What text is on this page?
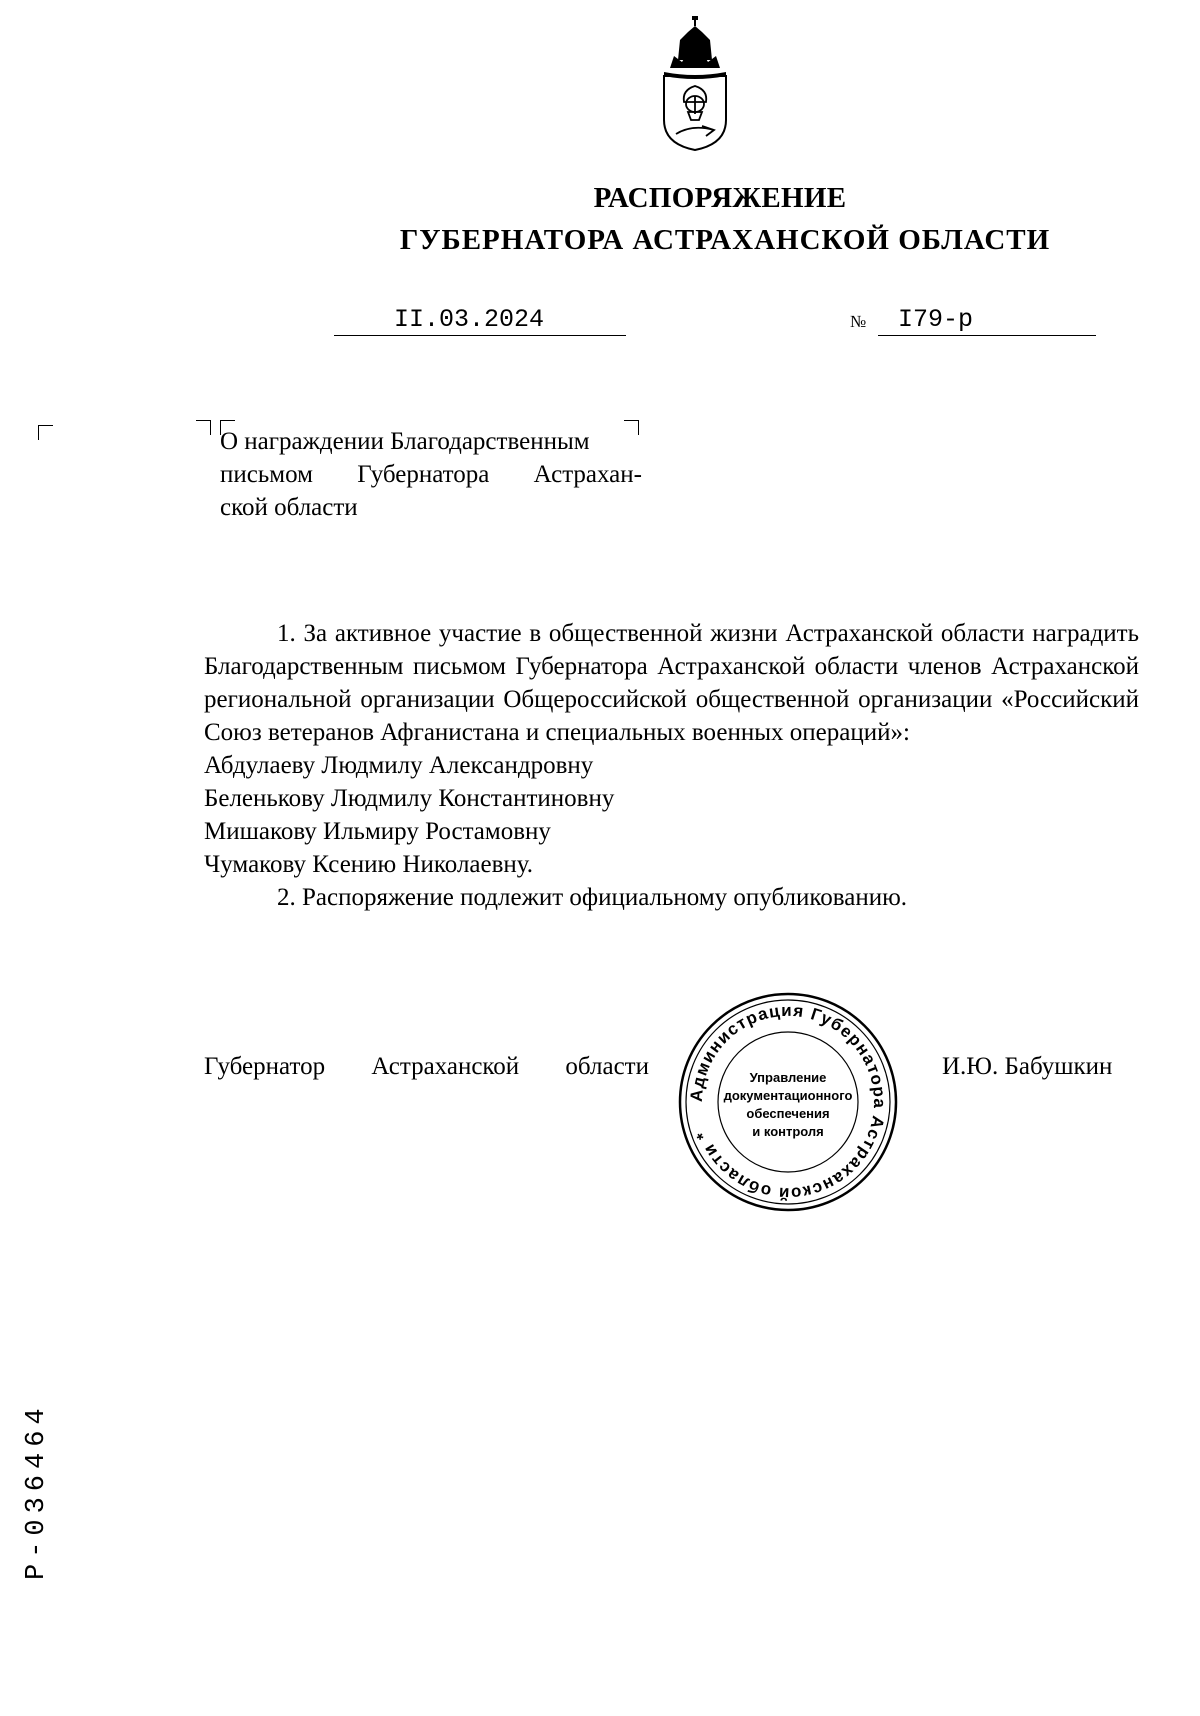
РАСПОРЯЖЕНИЕ
ГУБЕРНАТОРА АСТРАХАНСКОЙ ОБЛАСТИ
II.03.2024	№ I79-р
О награждении Благодарственным
письмом Губернатора Астрахан-
ской области

1. За активное участие в общественной жизни Астраханской области наградить Благодарственным письмом Губернатора Астраханской области членов Астраханской региональной организации Общероссийской общественной организации «Российский Союз ветеранов Афганистана и специальных военных операций»:

Абдулаеву Людмилу Александровну

Беленькову Людмилу Константиновну

Мишакову Ильмиру Ростамовну

Чумакову Ксению Николаевну.

2. Распоряжение подлежит официальному опубликованию.

Губернатор Астраханской области	И.Ю. Бабушкин
Администрация Губернатора Астраханской области *
Управление
документационного
обеспечения
и контроля
Р-036464
